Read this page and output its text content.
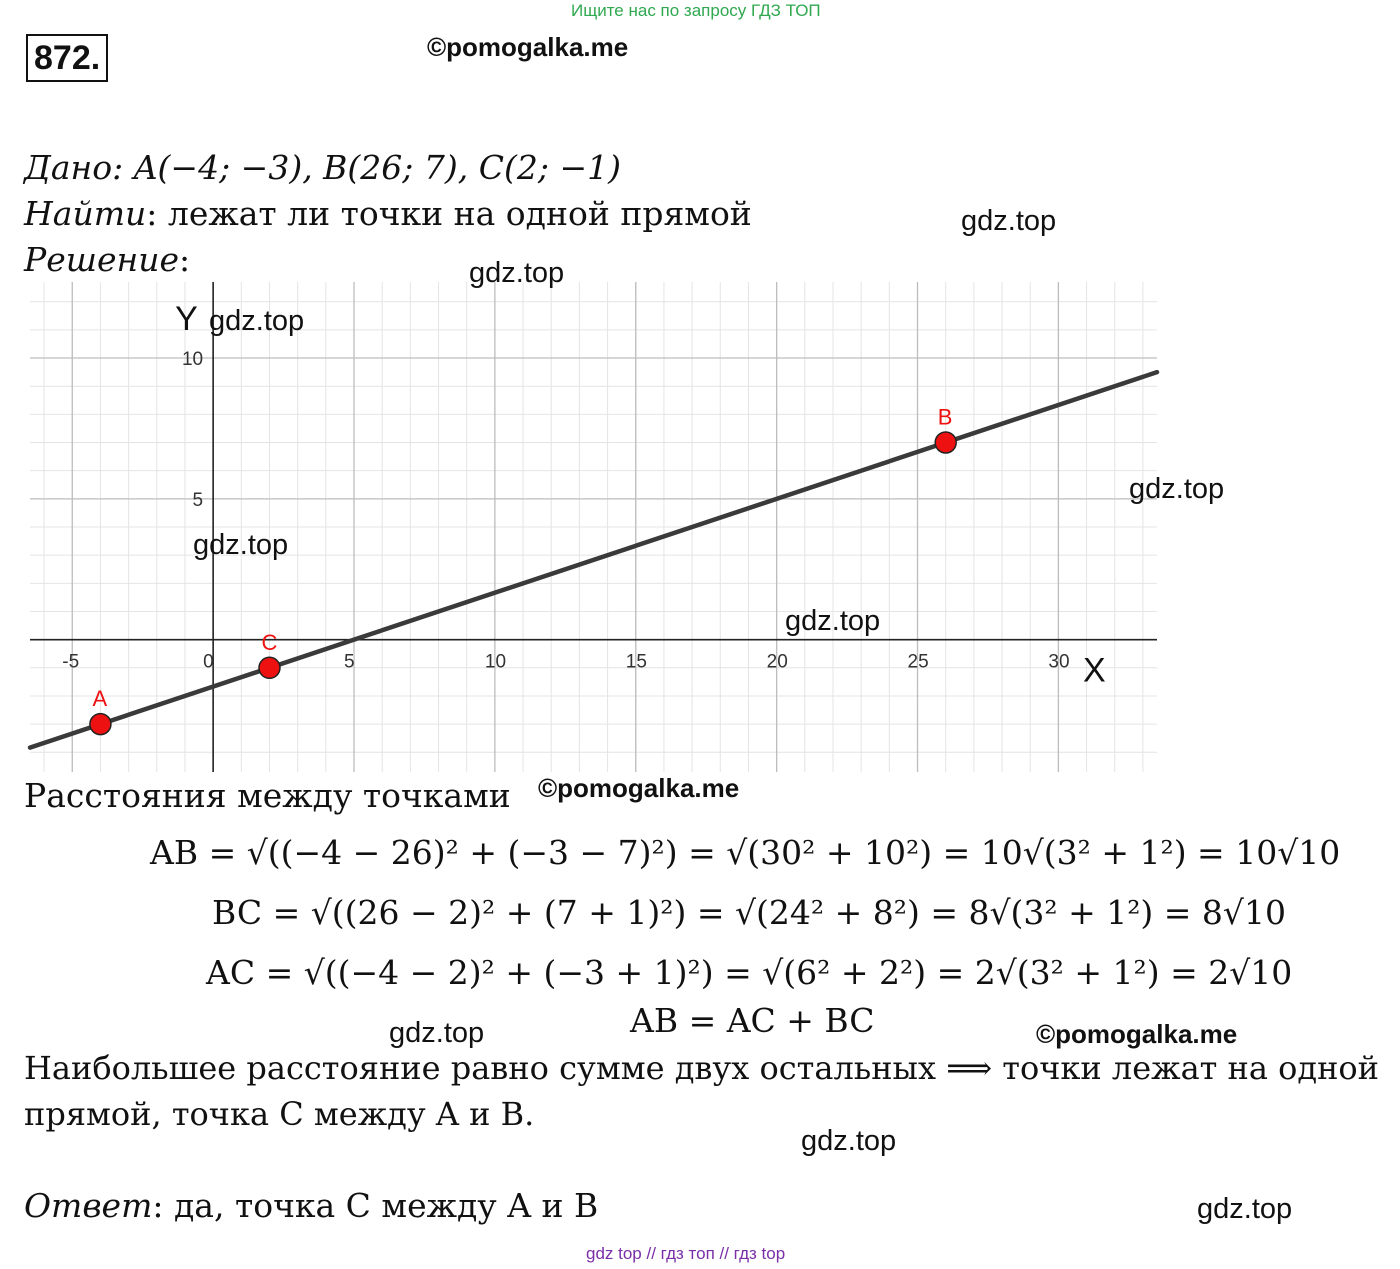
Ищите нас по запросу ГДЗ ТОП
872.	©pomogalka.me
Дано: A(−4; −3), B(26; 7), C(2; −1)
Найти: лежат ли точки на одной прямой
Решение:
-5	0	5	10	15	20	25	30
5
10
X
Y
A
B
C
gdz.top
gdz.top
gdz.top
gdz.top
gdz.top
gdz.top
Расстояния между точками ©pomogalka.me
AB = √((−4 − 26)² + (−3 − 7)²) = √(30² + 10²) = 10√(3² + 1²) = 10√10
BC = √((26 − 2)² + (7 + 1)²) = √(24² + 8²) = 8√(3² + 1²) = 8√10
AC = √((−4 − 2)² + (−3 + 1)²) = √(6² + 2²) = 2√(3² + 1²) = 2√10
AB = AC + BC
gdz.top	©pomogalka.me
Наибольшее расстояние равно сумме двух остальных ⟹ точки лежат на одной
прямой, точка C между A и B.
gdz.top
Ответ: да, точка C между A и B	gdz.top
gdz top // гдз топ // гдз top
